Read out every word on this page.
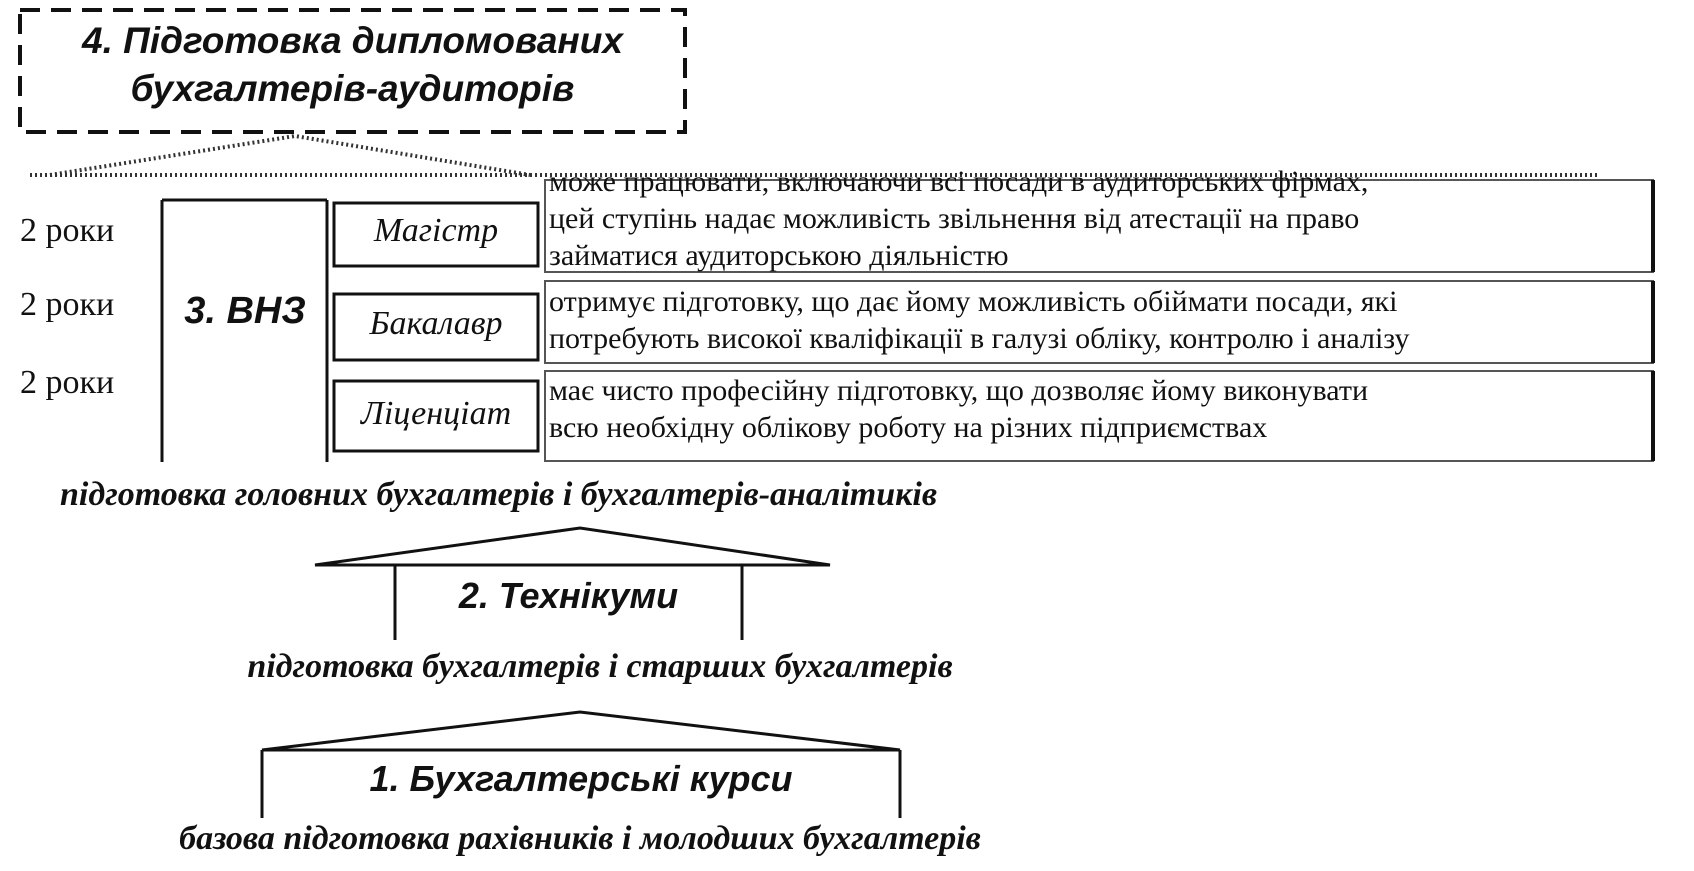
4. Підготовка дипломованих
бухгалтерів-аудиторів
2 роки
2 роки
2 роки
3. ВНЗ
Магістр
Бакалавр
Ліценціат
може працювати, включаючи всі посади в аудиторських фірмах,
цей ступінь надає можливість звільнення від атестації на право
займатися аудиторською діяльністю
отримує підготовку, що дає йому можливість обіймати посади, які
потребують високої кваліфікації в галузі обліку, контролю і аналізу
має чисто професійну підготовку, що дозволяє йому виконувати
всю необхідну облікову роботу на різних підприємствах
підготовка головних бухгалтерів і бухгалтерів-аналітиків
2. Технікуми
підготовка бухгалтерів і старших бухгалтерів
1. Бухгалтерські курси
базова підготовка рахівників і молодших бухгалтерів
